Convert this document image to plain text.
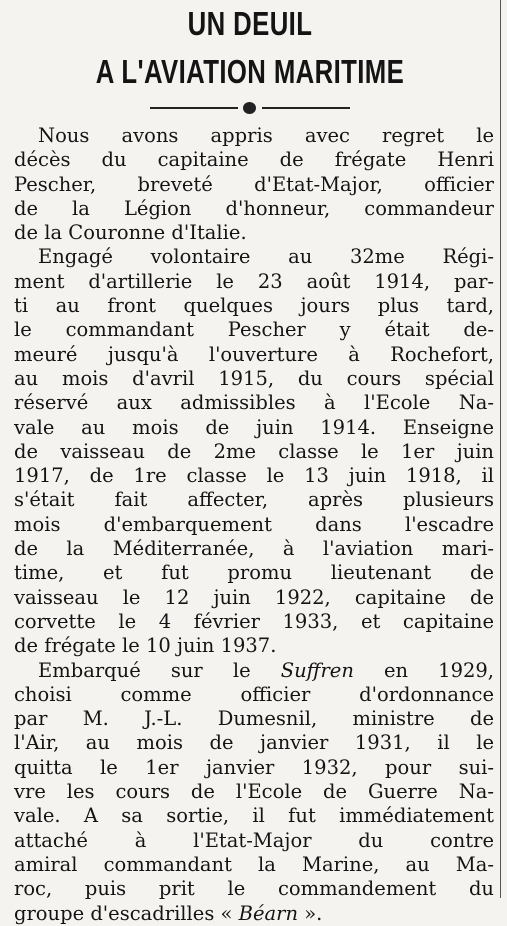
UN DEUIL
A L'AVIATION MARITIME
Nous avons appris avec regret le
décès du capitaine de frégate Henri
Pescher, breveté d'Etat-Major, officier
de la Légion d'honneur, commandeur
de la Couronne d'Italie.
Engagé volontaire au 32me Régi-
ment d'artillerie le 23 août 1914, par-
ti au front quelques jours plus tard,
le commandant Pescher y était de-
meuré jusqu'à l'ouverture à Rochefort,
au mois d'avril 1915, du cours spécial
réservé aux admissibles à l'Ecole Na-
vale au mois de juin 1914. Enseigne
de vaisseau de 2me classe le 1er juin
1917, de 1re classe le 13 juin 1918, il
s'était fait affecter, après plusieurs
mois d'embarquement dans l'escadre
de la Méditerranée, à l'aviation mari-
time, et fut promu lieutenant de
vaisseau le 12 juin 1922, capitaine de
corvette le 4 février 1933, et capitaine
de frégate le 10 juin 1937.
Embarqué sur le Suffren en 1929,
choisi comme officier d'ordonnance
par M. J.-L. Dumesnil, ministre de
l'Air, au mois de janvier 1931, il le
quitta le 1er janvier 1932, pour sui-
vre les cours de l'Ecole de Guerre Na-
vale. A sa sortie, il fut immédiatement
attaché à l'Etat-Major du contre
amiral commandant la Marine, au Ma-
roc, puis prit le commandement du
groupe d'escadrilles « Béarn ».
